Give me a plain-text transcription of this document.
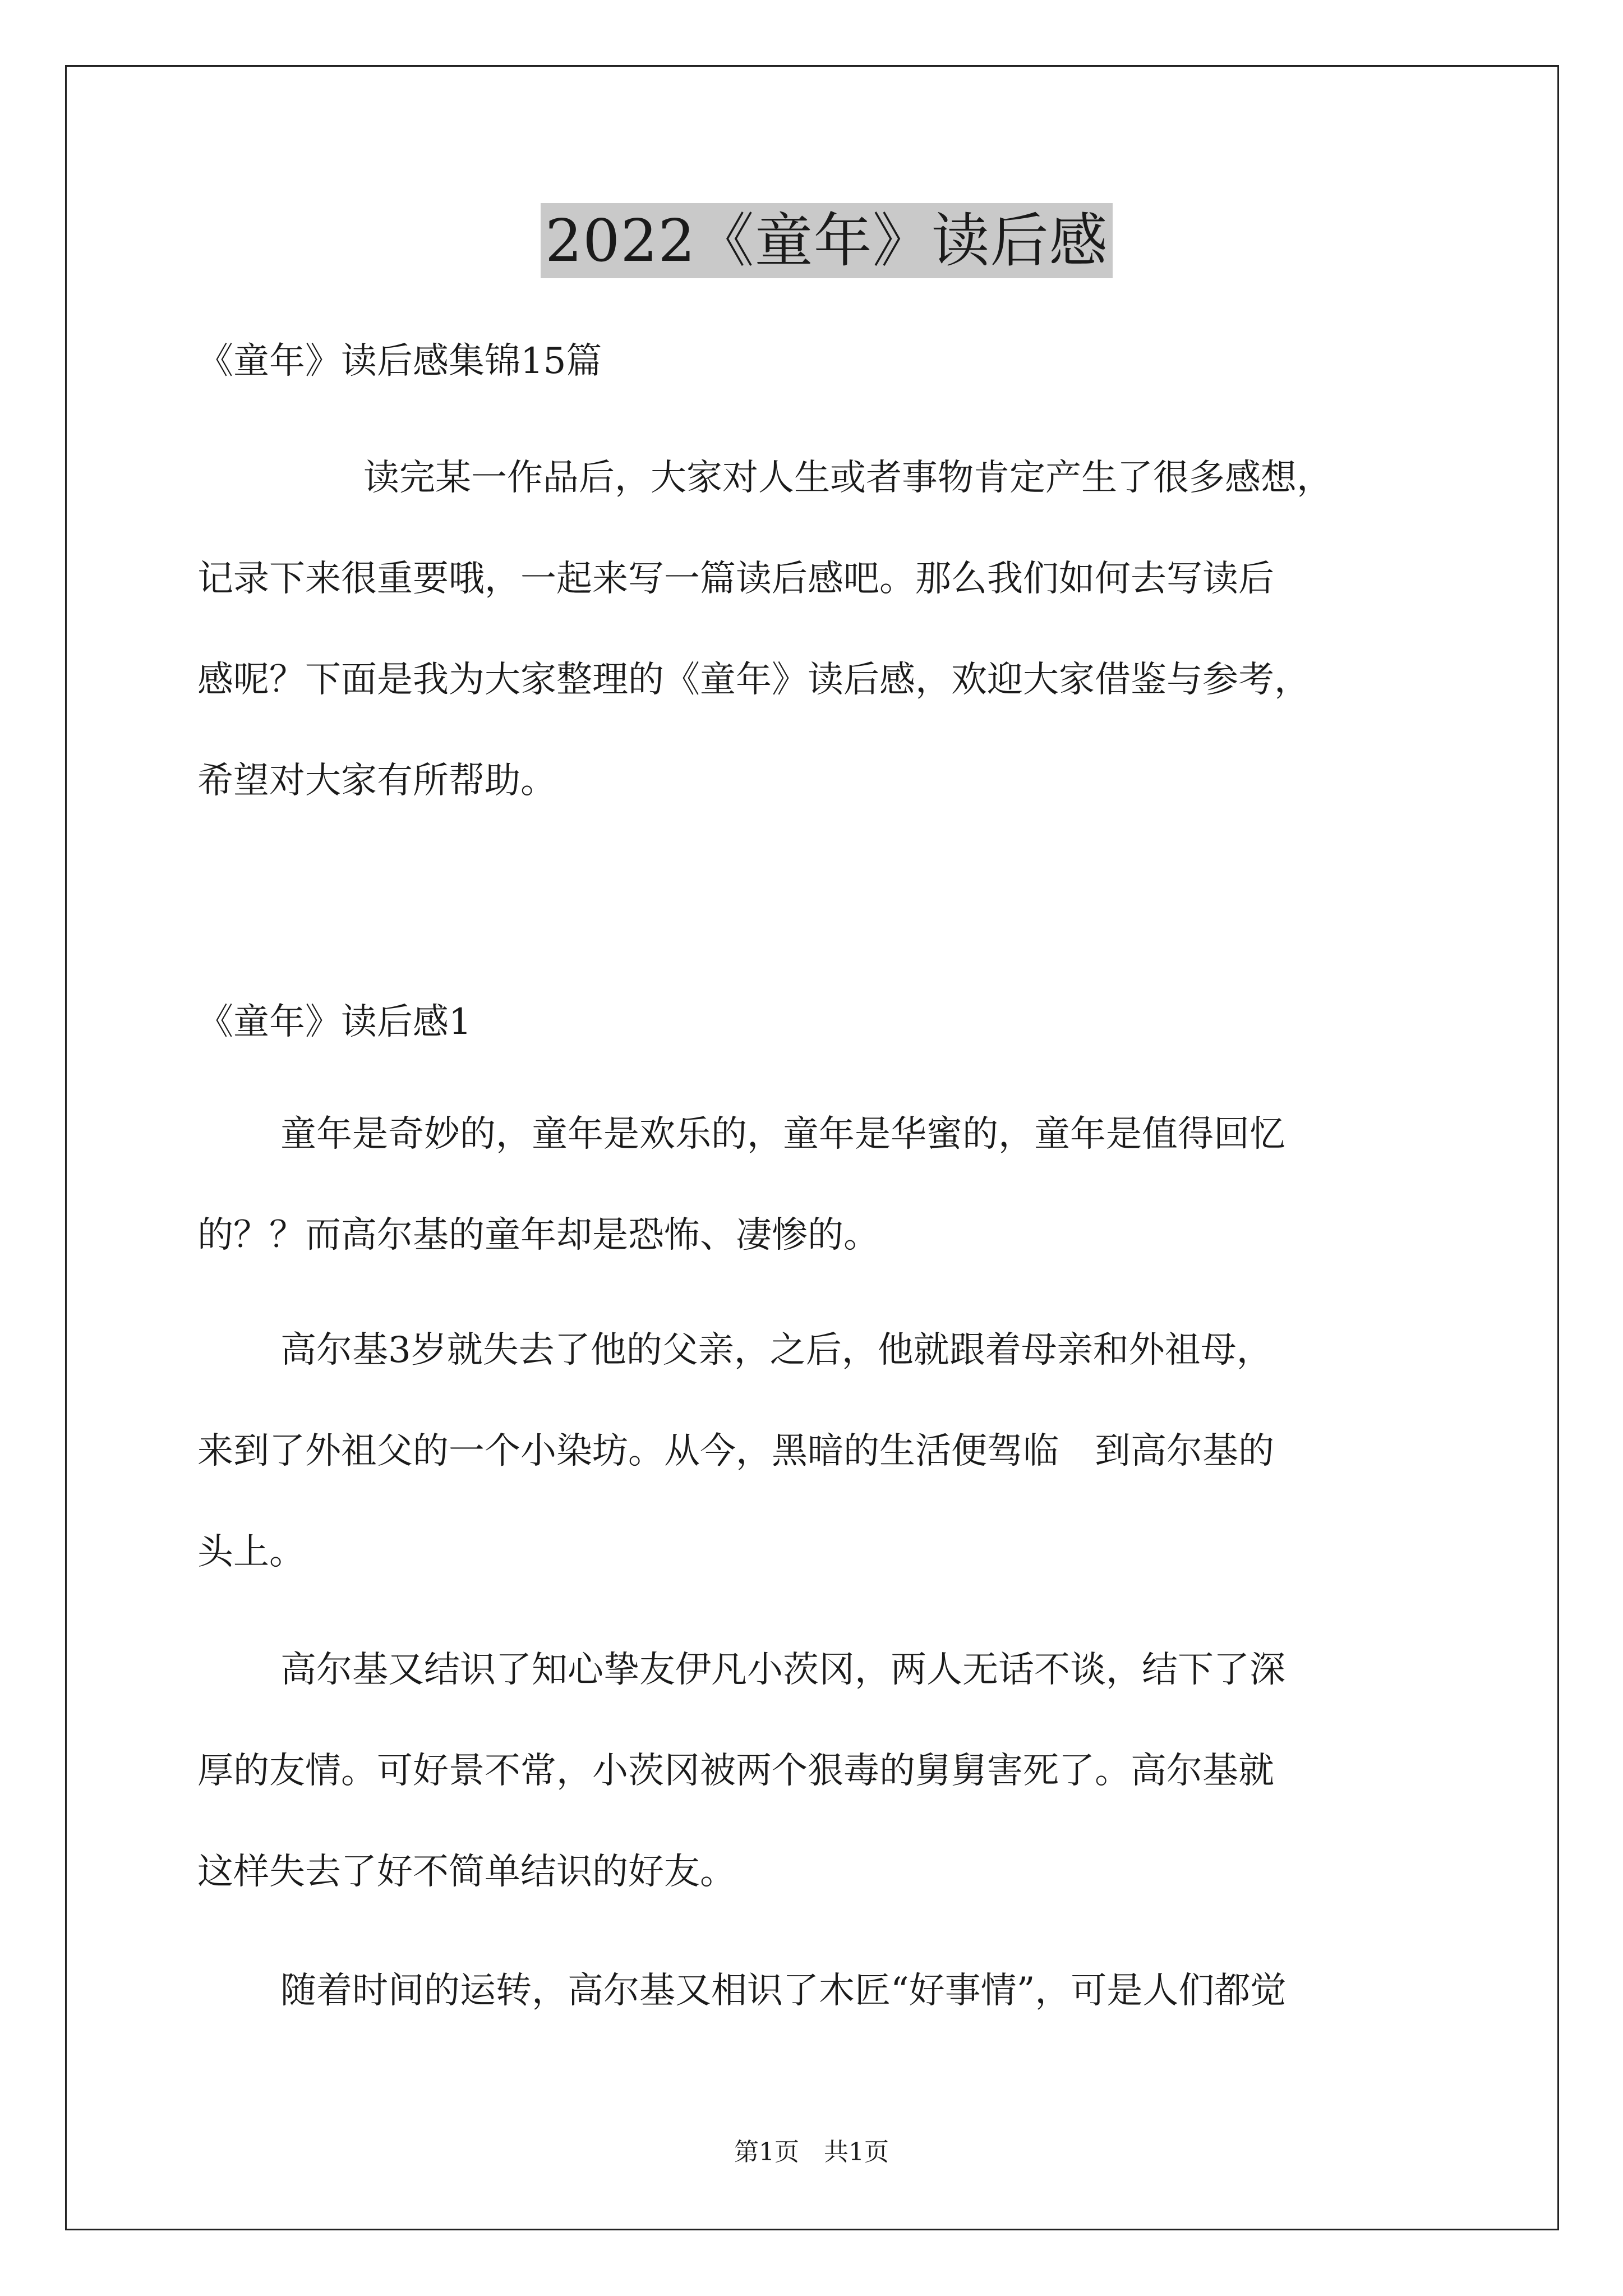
2022《童年》读后感
《童年》读后感集锦15篇
读完某一作品后，大家对人生或者事物肯定产生了很多感想，
记录下来很重要哦，一起来写一篇读后感吧。那么我们如何去写读后
感呢？下面是我为大家整理的《童年》读后感，欢迎大家借鉴与参考，
希望对大家有所帮助。
《童年》读后感1
童年是奇妙的，童年是欢乐的，童年是华蜜的，童年是值得回忆
的？？而高尔基的童年却是恐怖、凄惨的。
高尔基3岁就失去了他的父亲，之后，他就跟着母亲和外祖母，
来到了外祖父的一个小染坊。从今，黑暗的生活便驾临　到高尔基的
头上。
高尔基又结识了知心挚友伊凡小茨冈，两人无话不谈，结下了深
厚的友情。可好景不常，小茨冈被两个狠毒的舅舅害死了。高尔基就
这样失去了好不简单结识的好友。
随着时间的运转，高尔基又相识了木匠“好事情”，可是人们都觉
第1页　共1页
